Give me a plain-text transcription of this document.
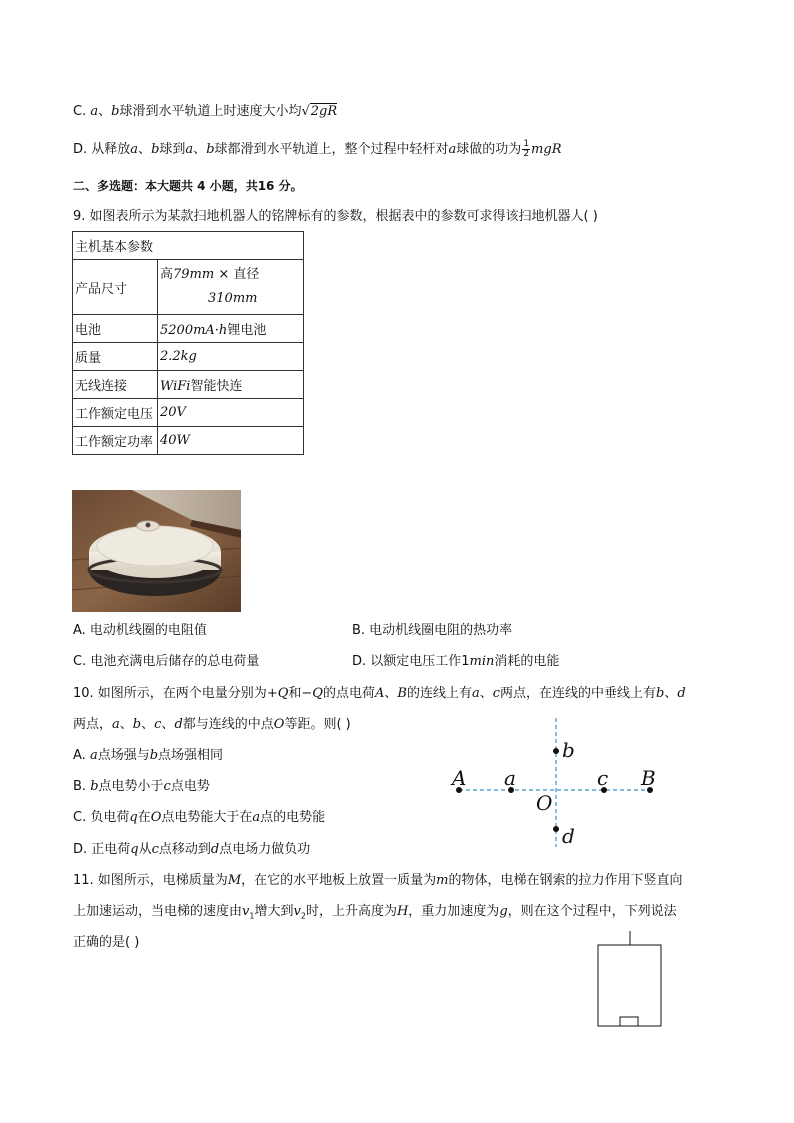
C. a、b球滑到水平轨道上时速度大小均√2gR
D. 从释放a、b球到a、b球都滑到水平轨道上，整个过程中轻杆对a球做的功为 $\frac{1}{2}$ mgR
二、多选题：本大题共 4 小题，共16 分。
9. 如图表所示为某款扫地机器人的铭牌标有的参数，根据表中的参数可求得该扫地机器人( )
主机基本参数	
产品尺寸	高79mm × 直径
310mm
电池	5200mA·h锂电池
质量	2.2kg
无线连接	WiFi智能快连
工作额定电压	20V
工作额定功率	40W
A. 电动机线圈的电阻值	B. 电动机线圈电阻的热功率
C. 电池充满电后储存的总电荷量	D. 以额定电压工作1min消耗的电能
10. 如图所示，在两个电量分别为+Q和−Q的点电荷A、B的连线上有a、c两点，在连线的中垂线上有b、d
两点，a、b、c、d都与连线的中点O等距。则( )
A. a点场强与b点场强相同
B. b点电势小于c点电势
C. 负电荷q在O点电势能大于在a点的电势能
D. 正电荷q从c点移动到d点电场力做负功
A a
O
c B
b
d
11. 如图所示，电梯质量为M，在它的水平地板上放置一质量为m的物体，电梯在钢索的拉力作用下竖直向
上加速运动，当电梯的速度由$v_1$增大到$v_2$时，上升高度为H，重力加速度为g，则在这个过程中，下列说法
正确的是( )
